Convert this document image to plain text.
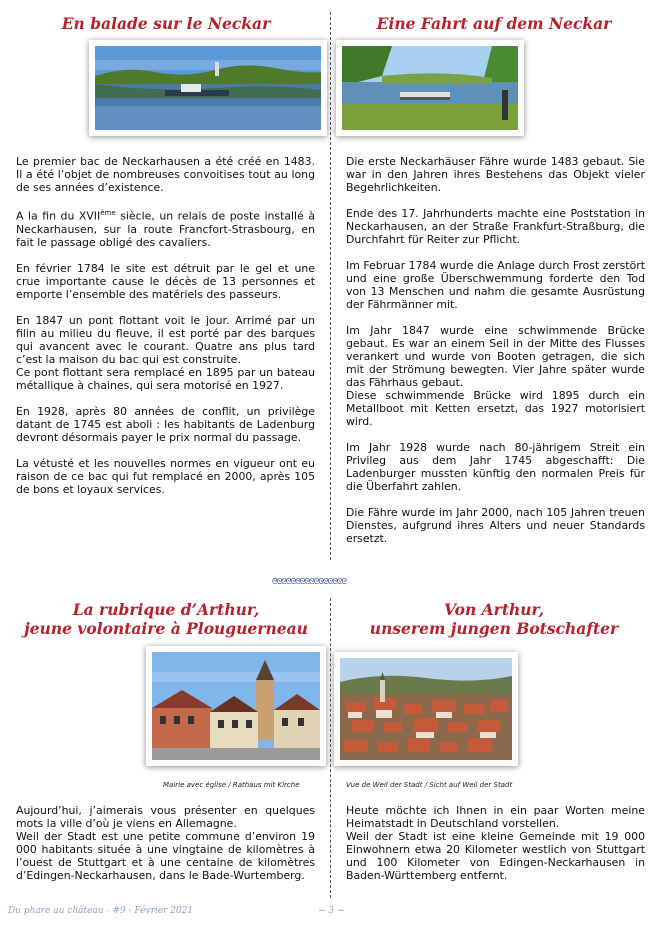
En balade sur le Neckar	Eine Fahrt auf dem Neckar

Le premier bac de Neckarhausen a été créé en 1483. Il a été l’objet de nombreuses convoitises tout au long de ses années d’existence.

A la fin du XVIIème siècle, un relais de poste installé à Neckarhausen, sur la route Francfort-Strasbourg, en fait le passage obligé des cavaliers.

En février 1784 le site est détruit par le gel et une crue importante cause le décès de 13 personnes et emporte l’ensemble des matériels des passeurs.

En 1847 un pont flottant voit le jour. Arrimé par un filin au milieu du fleuve, il est porté par des barques qui avancent avec le courant. Quatre ans plus tard c’est la maison du bac qui est construite.

Ce pont flottant sera remplacé en 1895 par un bateau métallique à chaines, qui sera motorisé en 1927.

En 1928, après 80 années de conflit, un privilège datant de 1745 est aboli : les habitants de Ladenburg devront désormais payer le prix normal du passage.

La vétusté et les nouvelles normes en vigueur ont eu raison de ce bac qui fut remplacé en 2000, après 105 de bons et loyaux services.

Die erste Neckarhäuser Fähre wurde 1483 gebaut. Sie war in den Jahren ihres Bestehens das Objekt vieler Begehrlichkeiten.

Ende des 17. Jahrhunderts machte eine Poststation in Neckarhausen, an der Straße Frankfurt-Straßburg, die Durchfahrt für Reiter zur Pflicht.

Im Februar 1784 wurde die Anlage durch Frost zerstört und eine große Überschwemmung forderte den Tod von 13 Menschen und nahm die gesamte Ausrüstung der Fährmänner mit.

Im Jahr 1847 wurde eine schwimmende Brücke gebaut. Es war an einem Seil in der Mitte des Flusses verankert und wurde von Booten getragen, die sich mit der Strömung bewegten. Vier Jahre später wurde das Fährhaus gebaut.

Diese schwimmende Brücke wird 1895 durch ein Metallboot mit Ketten ersetzt, das 1927 motorisiert wird.

Im Jahr 1928 wurde nach 80-jährigem Streit ein Privileg aus dem Jahr 1745 abgeschafft: Die Ladenburger mussten künftig den normalen Preis für die Überfahrt zahlen.

Die Fähre wurde im Jahr 2000, nach 105 Jahren treuen Dienstes, aufgrund ihres Alters und neuer Standards ersetzt.

ᘓᘓᘓᘓᘓᘓᘓᘓᘓᘓᘓᘓᘓᘓᘓᘓ
La rubrique d’Arthur,
jeune volontaire à Plouguerneau
Von Arthur,
unserem jungen Botschafter
Mairie avec église / Rathaus mit Kirche	Vue de Weil der Stadt / Sicht auf Weil der Stadt

Aujourd’hui, j’aimerais vous présenter en quelques mots la ville d’où je viens en Allemagne.

Weil der Stadt est une petite commune d’environ 19 000 habitants située à une vingtaine de kilomètres à l’ouest de Stuttgart et à une centaine de kilomètres d’Edingen-Neckarhausen, dans le Bade-Wurtemberg.

Heute möchte ich Ihnen in ein paar Worten meine Heimatstadt in Deutschland vorstellen.

Weil der Stadt ist eine kleine Gemeinde mit 19 000 Einwohnern etwa 20 Kilometer westlich von Stuttgart und 100 Kilometer von Edingen-Neckarhausen in Baden-Württemberg entfernt.

Du phare au château - #9 - Février 2021	~ 3 ~
